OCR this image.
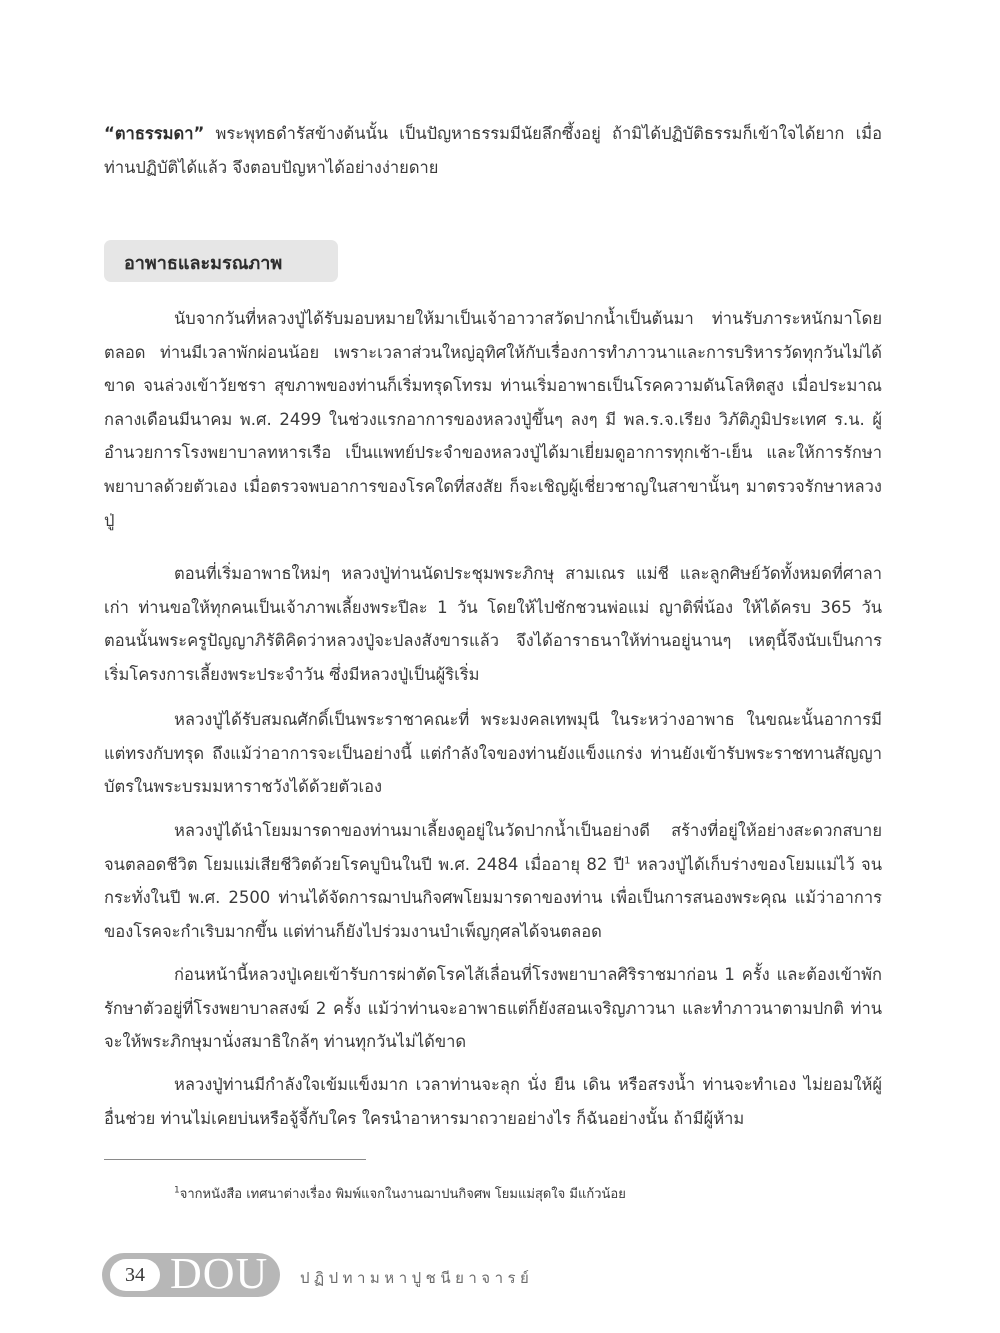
“ตาธรรมดา” พระพุทธดำรัสข้างต้นนั้น เป็นปัญหาธรรมมีนัยลึกซึ้งอยู่ ถ้ามิได้ปฏิบัติธรรมก็เข้าใจได้ยาก เมื่อท่านปฏิบัติได้แล้ว จึงตอบปัญหาได้อย่างง่ายดาย

อาพาธและมรณภาพ

นับจากวันที่หลวงปู่ได้รับมอบหมายให้มาเป็นเจ้าอาวาสวัดปากน้ำเป็นต้นมา ท่านรับภาระหนักมาโดยตลอด ท่านมีเวลาพักผ่อนน้อย เพราะเวลาส่วนใหญ่อุทิศให้กับเรื่องการทำภาวนาและการบริหารวัดทุกวันไม่ได้ขาด จนล่วงเข้าวัยชรา สุขภาพของท่านก็เริ่มทรุดโทรม ท่านเริ่มอาพาธเป็นโรคความดันโลหิตสูง เมื่อประมาณกลางเดือนมีนาคม พ.ศ. 2499 ในช่วงแรกอาการของหลวงปู่ขึ้นๆ ลงๆ มี พล.ร.จ.เรียง วิภัติภูมิประเทศ ร.น. ผู้อำนวยการโรงพยาบาลทหารเรือ เป็นแพทย์ประจำของหลวงปู่ได้มาเยี่ยมดูอาการทุกเช้า-เย็น และให้การรักษาพยาบาลด้วยตัวเอง เมื่อตรวจพบอาการของโรคใดที่สงสัย ก็จะเชิญผู้เชี่ยวชาญในสาขานั้นๆ มาตรวจรักษาหลวงปู่

ตอนที่เริ่มอาพาธใหม่ๆ หลวงปู่ท่านนัดประชุมพระภิกษุ สามเณร แม่ชี และลูกศิษย์วัดทั้งหมดที่ศาลาเก่า ท่านขอให้ทุกคนเป็นเจ้าภาพเลี้ยงพระปีละ 1 วัน โดยให้ไปชักชวนพ่อแม่ ญาติพี่น้อง ให้ได้ครบ 365 วัน ตอนนั้นพระครูปัญญาภิรัติคิดว่าหลวงปู่จะปลงสังขารแล้ว จึงได้อาราธนาให้ท่านอยู่นานๆ เหตุนี้จึงนับเป็นการเริ่มโครงการเลี้ยงพระประจำวัน ซึ่งมีหลวงปู่เป็นผู้ริเริ่ม

หลวงปู่ได้รับสมณศักดิ์เป็นพระราชาคณะที่ พระมงคลเทพมุนี ในระหว่างอาพาธ ในขณะนั้นอาการมีแต่ทรงกับทรุด ถึงแม้ว่าอาการจะเป็นอย่างนี้ แต่กำลังใจของท่านยังแข็งแกร่ง ท่านยังเข้ารับพระราชทานสัญญาบัตรในพระบรมมหาราชวังได้ด้วยตัวเอง

หลวงปู่ได้นำโยมมารดาของท่านมาเลี้ยงดูอยู่ในวัดปากน้ำเป็นอย่างดี สร้างที่อยู่ให้อย่างสะดวกสบายจนตลอดชีวิต โยมแม่เสียชีวิตด้วยโรคบูบินในปี พ.ศ. 2484 เมื่ออายุ 82 ปี$^1$ หลวงปู่ได้เก็บร่างของโยมแม่ไว้ จนกระทั่งในปี พ.ศ. 2500 ท่านได้จัดการฌาปนกิจศพโยมมารดาของท่าน เพื่อเป็นการสนองพระคุณ แม้ว่าอาการของโรคจะกำเริบมากขึ้น แต่ท่านก็ยังไปร่วมงานบำเพ็ญกุศลได้จนตลอด

ก่อนหน้านี้หลวงปู่เคยเข้ารับการผ่าตัดโรคไส้เลื่อนที่โรงพยาบาลศิริราชมาก่อน 1 ครั้ง และต้องเข้าพักรักษาตัวอยู่ที่โรงพยาบาลสงฆ์ 2 ครั้ง แม้ว่าท่านจะอาพาธแต่ก็ยังสอนเจริญภาวนา และทำภาวนาตามปกติ ท่านจะให้พระภิกษุมานั่งสมาธิใกล้ๆ ท่านทุกวันไม่ได้ขาด

หลวงปู่ท่านมีกำลังใจเข้มแข็งมาก เวลาท่านจะลุก นั่ง ยืน เดิน หรือสรงน้ำ ท่านจะทำเอง ไม่ยอมให้ผู้อื่นช่วย ท่านไม่เคยบ่นหรือจู้จี้กับใคร ใครนำอาหารมาถวายอย่างไร ก็ฉันอย่างนั้น ถ้ามีผู้ห้าม

$^1$จากหนังสือ เทศนาต่างเรื่อง พิมพ์แจกในงานฌาปนกิจศพ โยมแม่สุดใจ มีแก้วน้อย
34 DOU ปฏิปทามหาปูชนียาจารย์
